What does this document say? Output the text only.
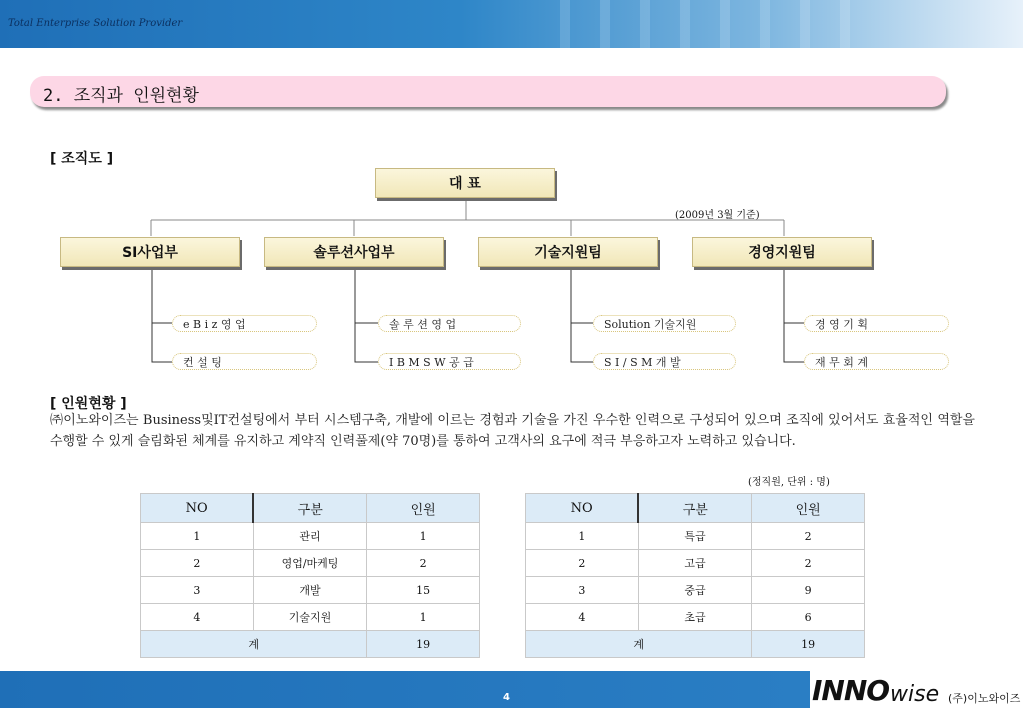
Total Enterprise Solution Provider
2. 조직과 인원현황
[ 조직도 ]
대 표
(2009년 3월 기준)
SI사업부	솔루션사업부	기술지원팀	경영지원팀
e B i z 영 업
컨 설 팅
솔 루 션 영 업
I B M S W 공 급
Solution 기술지원
S I / S M 개 발
경 영 기 획
재 무 회 계
[ 인원현황 ]

㈜이노와이즈는 Business및IT컨설팅에서 부터 시스템구축, 개발에 이르는 경험과 기술을 가진 우수한 인력으로 구성되어 있으며 조직에 있어서도 효율적인 역할을 수행할 수 있게 슬림화된 체계를 유지하고 계약직 인력풀제(약 70명)를 통하여 고객사의 요구에 적극 부응하고자 노력하고 있습니다.

(정직원, 단위 : 명)
NO	구분	인원
1	관리	1
2	영업/마케팅	2
3	개발	15
4	기술지원	1
계		19
NO	구분	인원
1	특급	2
2	고급	2
3	중급	9
4	초급	6
계		19
4	INNO wise (주)이노와이즈
